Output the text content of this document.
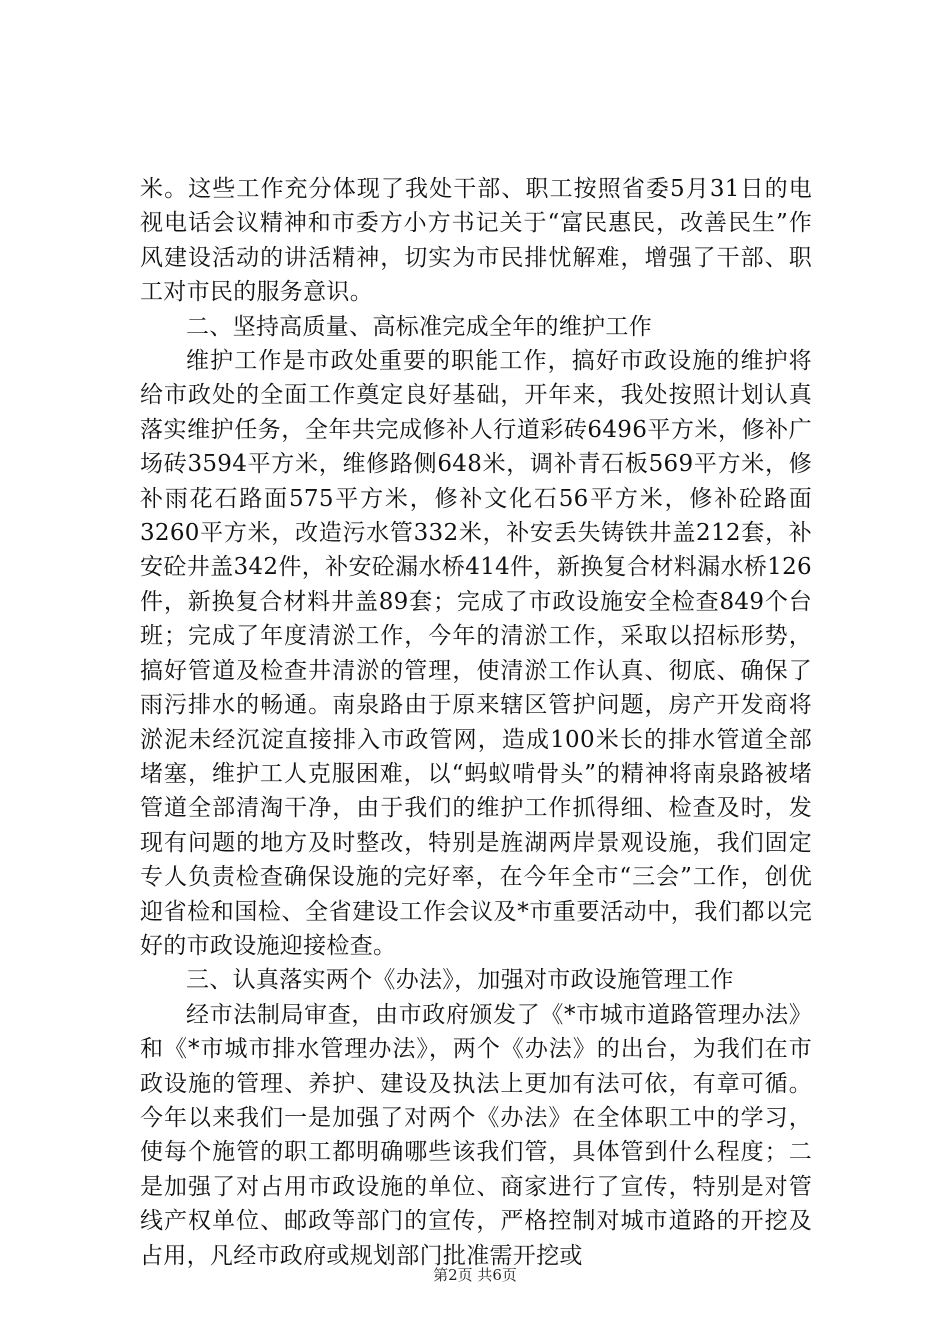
米。这些工作充分体现了我处干部、职工按照省委5月31日的电视电话会议精神和市委方小方书记关于“富民惠民，改善民生”作风建设活动的讲活精神，切实为市民排忧解难，增强了干部、职工对市民的服务意识。

二、坚持高质量、高标准完成全年的维护工作

维护工作是市政处重要的职能工作，搞好市政设施的维护将给市政处的全面工作奠定良好基础，开年来，我处按照计划认真落实维护任务，全年共完成修补人行道彩砖6496平方米，修补广场砖3594平方米，维修路侧648米，调补青石板569平方米，修补雨花石路面575平方米，修补文化石56平方米，修补砼路面3260平方米，改造污水管332米，补安丢失铸铁井盖212套，补安砼井盖342件，补安砼漏水桥414件，新换复合材料漏水桥126件，新换复合材料井盖89套；完成了市政设施安全检查849个台班；完成了年度清淤工作，今年的清淤工作，采取以招标形势，搞好管道及检查井清淤的管理，使清淤工作认真、彻底、确保了雨污排水的畅通。南泉路由于原来辖区管护问题，房产开发商将淤泥未经沉淀直接排入市政管网，造成100米长的排水管道全部堵塞，维护工人克服困难，以“蚂蚁啃骨头”的精神将南泉路被堵管道全部清淘干净，由于我们的维护工作抓得细、检查及时，发现有问题的地方及时整改，特别是旌湖两岸景观设施，我们固定专人负责检查确保设施的完好率，在今年全市“三会”工作，创优迎省检和国检、全省建设工作会议及*市重要活动中，我们都以完好的市政设施迎接检查。

三、认真落实两个《办法》，加强对市政设施管理工作

经市法制局审查，由市政府颁发了《*市城市道路管理办法》和《*市城市排水管理办法》，两个《办法》的出台，为我们在市政设施的管理、养护、建设及执法上更加有法可依，有章可循。今年以来我们一是加强了对两个《办法》在全体职工中的学习，使每个施管的职工都明确哪些该我们管，具体管到什么程度；二是加强了对占用市政设施的单位、商家进行了宣传，特别是对管线产权单位、邮政等部门的宣传，严格控制对城市道路的开挖及占用，凡经市政府或规划部门批准需开挖或

第2页 共6页
